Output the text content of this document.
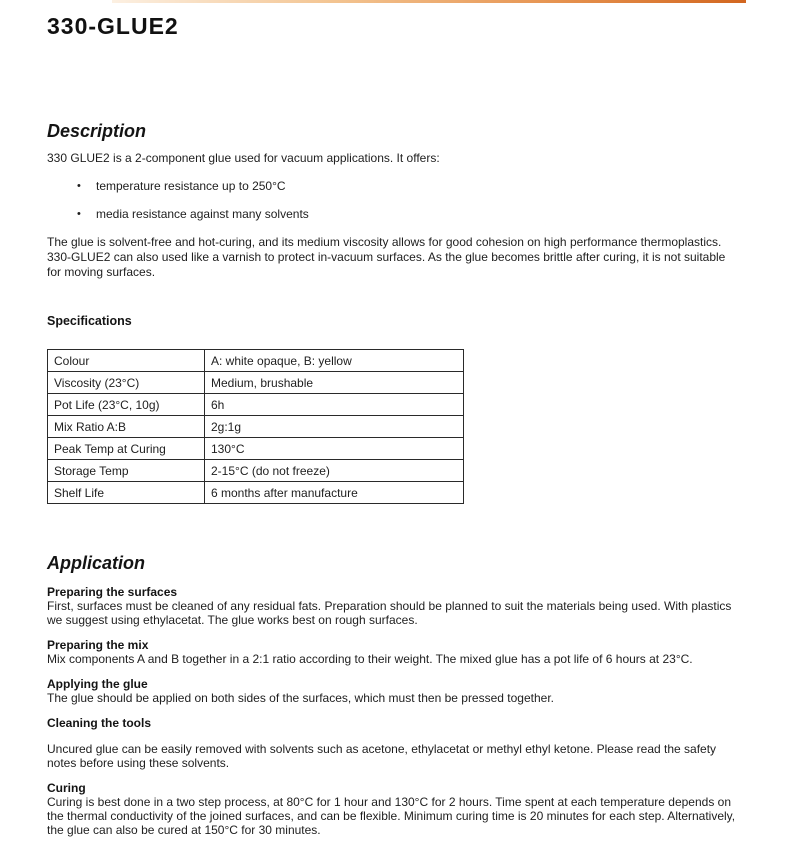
330-GLUE2
Description

330 GLUE2 is a 2-component glue used for vacuum applications. It offers:

•	temperature resistance up to 250°C
•	media resistance against many solvents

The glue is solvent-free and hot-curing, and its medium viscosity allows for good cohesion on high performance thermoplastics. 330-GLUE2 can also used like a varnish to protect in-vacuum surfaces. As the glue becomes brittle after curing, it is not suitable for moving surfaces.

Specifications
Colour	A: white opaque, B: yellow
Viscosity (23°C)	Medium, brushable
Pot Life (23°C, 10g)	6h
Mix Ratio A:B	2g:1g
Peak Temp at Curing	130°C
Storage Temp	2-15°C (do not freeze)
Shelf Life	6 months after manufacture
Application
Preparing the surfaces

First, surfaces must be cleaned of any residual fats. Preparation should be planned to suit the materials being used. With plastics we suggest using ethylacetat. The glue works best on rough surfaces.

Preparing the mix

Mix components A and B together in a 2:1 ratio according to their weight. The mixed glue has a pot life of 6 hours at 23°C.

Applying the glue

The glue should be applied on both sides of the surfaces, which must then be pressed together.

Cleaning the tools

Uncured glue can be easily removed with solvents such as acetone, ethylacetat or methyl ethyl ketone. Please read the safety notes before using these solvents.

Curing

Curing is best done in a two step process, at 80°C for 1 hour and 130°C for 2 hours. Time spent at each temperature depends on the thermal conductivity of the joined surfaces, and can be flexible. Minimum curing time is 20 minutes for each step. Alternatively, the glue can also be cured at 150°C for 30 minutes.
